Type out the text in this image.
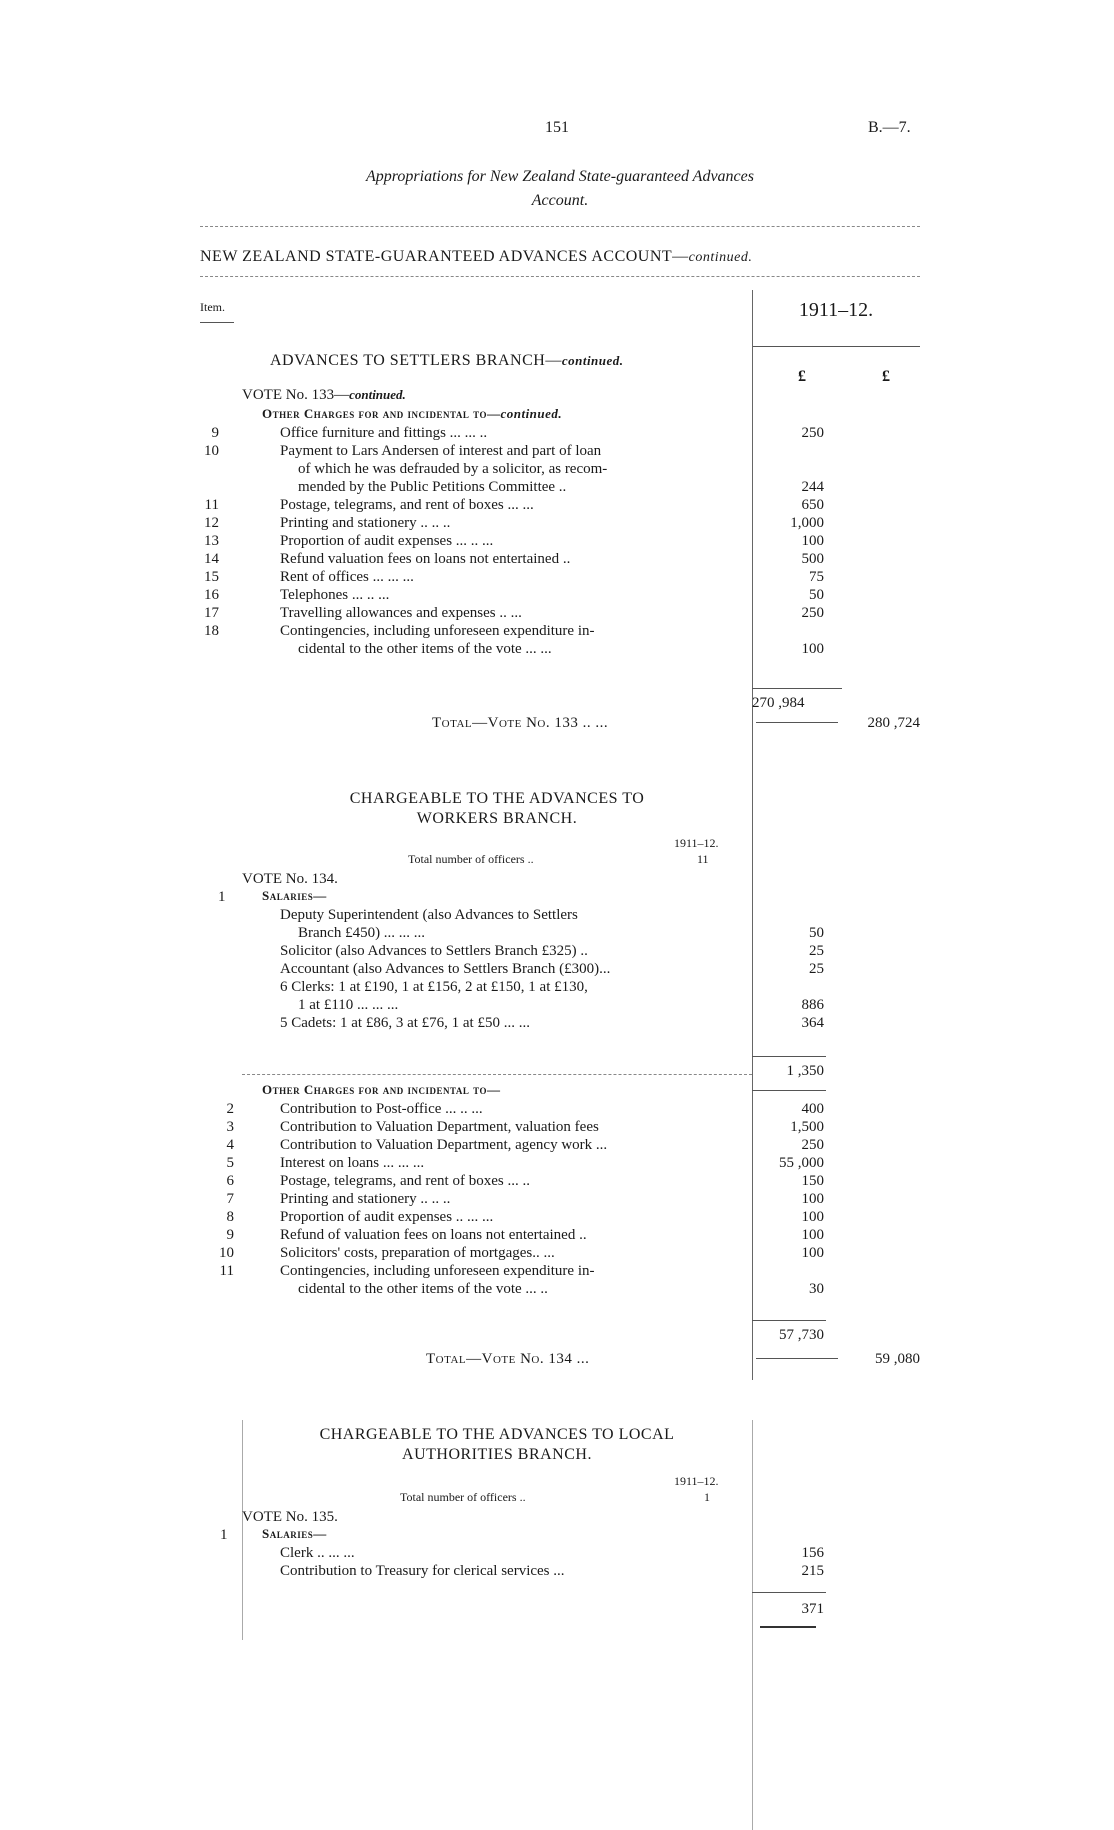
151	B.—7.
Appropriations for New Zealand State-guaranteed Advances
Account.
NEW ZEALAND STATE-GUARANTEED ADVANCES ACCOUNT—continued.
Item.	1911–12.
£	£
ADVANCES TO SETTLERS BRANCH—continued.
VOTE No. 133—continued.
Other Charges for and incidental to—continued.
9	Office furniture and fittings ... ... ..	250
10	Payment to Lars Andersen of interest and part of loan
of which he was defrauded by a solicitor, as recom-
mended by the Public Petitions Committee ..	244
11	Postage, telegrams, and rent of boxes ... ...	650
12	Printing and stationery .. .. ..	1,000
13	Proportion of audit expenses ... .. ...	100
14	Refund valuation fees on loans not entertained ..	500
15	Rent of offices ... ... ...	75
16	Telephones ... .. ...	50
17	Travelling allowances and expenses .. ...	250
18	Contingencies, including unforeseen expenditure in-
cidental to the other items of the vote ... ...	100
270 ,984
Total—Vote No. 133 .. ...	280 ,724
CHARGEABLE TO THE ADVANCES TO
WORKERS BRANCH.
1911–12.
Total number of officers ..	11
VOTE No. 134.
1	Salaries—
Deputy Superintendent (also Advances to Settlers
Branch £450) ... ... ...	50
Solicitor (also Advances to Settlers Branch £325) ..	25
Accountant (also Advances to Settlers Branch (£300)...	25
6 Clerks: 1 at £190, 1 at £156, 2 at £150, 1 at £130,
1 at £110 ... ... ...	886
5 Cadets: 1 at £86, 3 at £76, 1 at £50 ... ...	364
1 ,350
Other Charges for and incidental to—
2	Contribution to Post-office ... .. ...	400
3	Contribution to Valuation Department, valuation fees	1,500
4	Contribution to Valuation Department, agency work ...	250
5	Interest on loans ... ... ...	55 ,000
6	Postage, telegrams, and rent of boxes ... ..	150
7	Printing and stationery .. .. ..	100
8	Proportion of audit expenses .. ... ...	100
9	Refund of valuation fees on loans not entertained ..	100
10	Solicitors' costs, preparation of mortgages.. ...	100
11	Contingencies, including unforeseen expenditure in-
cidental to the other items of the vote ... ..	30
57 ,730
Total—Vote No. 134 ...	59 ,080
CHARGEABLE TO THE ADVANCES TO LOCAL
AUTHORITIES BRANCH.
1911–12.
Total number of officers ..	1
VOTE No. 135.
1	Salaries—
Clerk .. ... ...	156
Contribution to Treasury for clerical services ...	215
371
